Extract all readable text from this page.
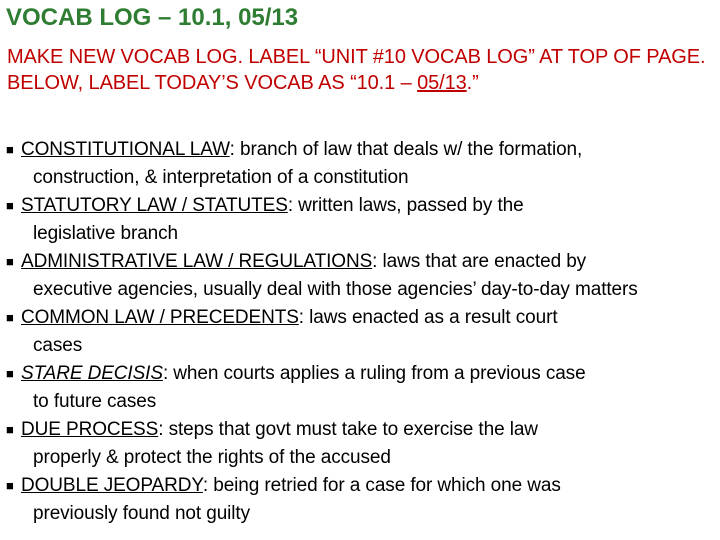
VOCAB LOG – 10.1, 05/13

MAKE NEW VOCAB LOG. LABEL “UNIT #10 VOCAB LOG” AT TOP OF PAGE. BELOW, LABEL TODAY’S VOCAB AS “10.1 – 05/13.”

■ CONSTITUTIONAL LAW: branch of law that deals w/ the formation,
construction, & interpretation of a constitution
■ STATUTORY LAW / STATUTES: written laws, passed by the
legislative branch
■ ADMINISTRATIVE LAW / REGULATIONS: laws that are enacted by
executive agencies, usually deal with those agencies’ day-to-day matters
■ COMMON LAW / PRECEDENTS: laws enacted as a result court
cases
■ STARE DECISIS: when courts applies a ruling from a previous case
to future cases
■ DUE PROCESS: steps that govt must take to exercise the law
properly & protect the rights of the accused
■ DOUBLE JEOPARDY: being retried for a case for which one was
previously found not guilty
